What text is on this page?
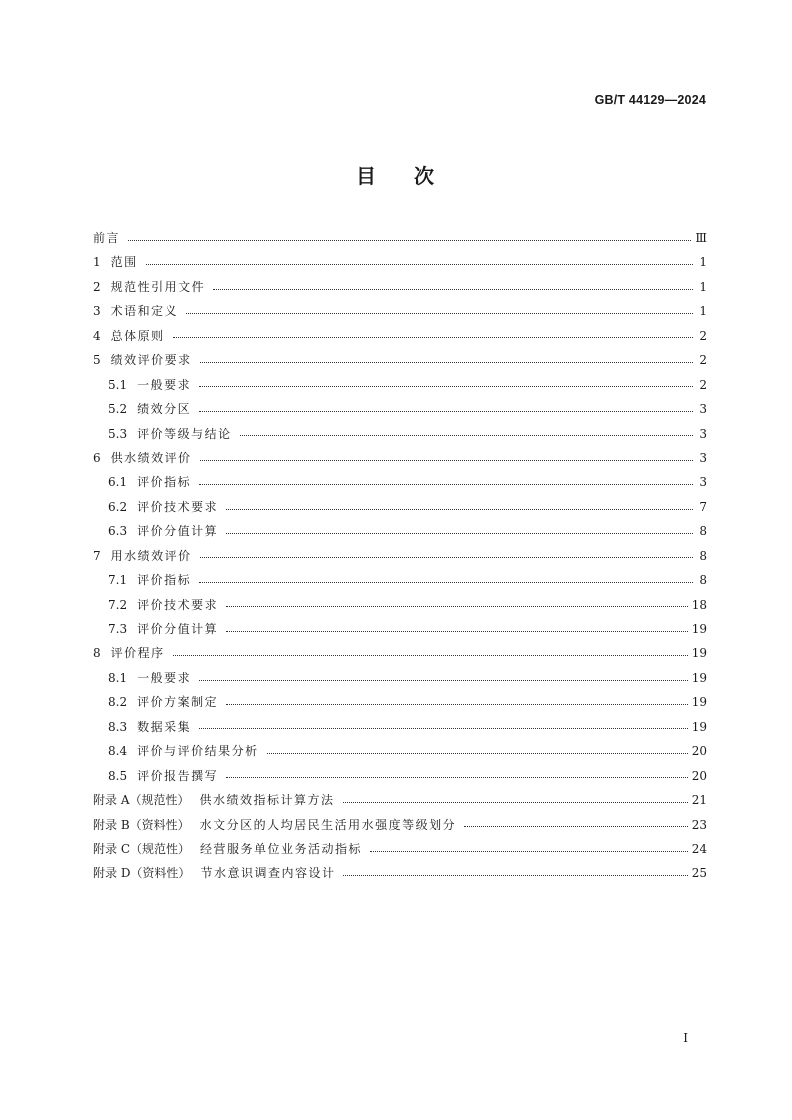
GB/T 44129—2024
目 次
前言	Ⅲ
1 范围	1
2 规范性引用文件	1
3 术语和定义	1
4 总体原则	2
5 绩效评价要求	2
5.1 一般要求	2
5.2 绩效分区	3
5.3 评价等级与结论	3
6 供水绩效评价	3
6.1 评价指标	3
6.2 评价技术要求	7
6.3 评价分值计算	8
7 用水绩效评价	8
7.1 评价指标	8
7.2 评价技术要求	18
7.3 评价分值计算	19
8 评价程序	19
8.1 一般要求	19
8.2 评价方案制定	19
8.3 数据采集	19
8.4 评价与评价结果分析	20
8.5 评价报告撰写	20
附录 A（规范性） 供水绩效指标计算方法	21
附录 B（资料性） 水文分区的人均居民生活用水强度等级划分	23
附录 C（规范性） 经营服务单位业务活动指标	24
附录 D（资料性） 节水意识调查内容设计	25
I
